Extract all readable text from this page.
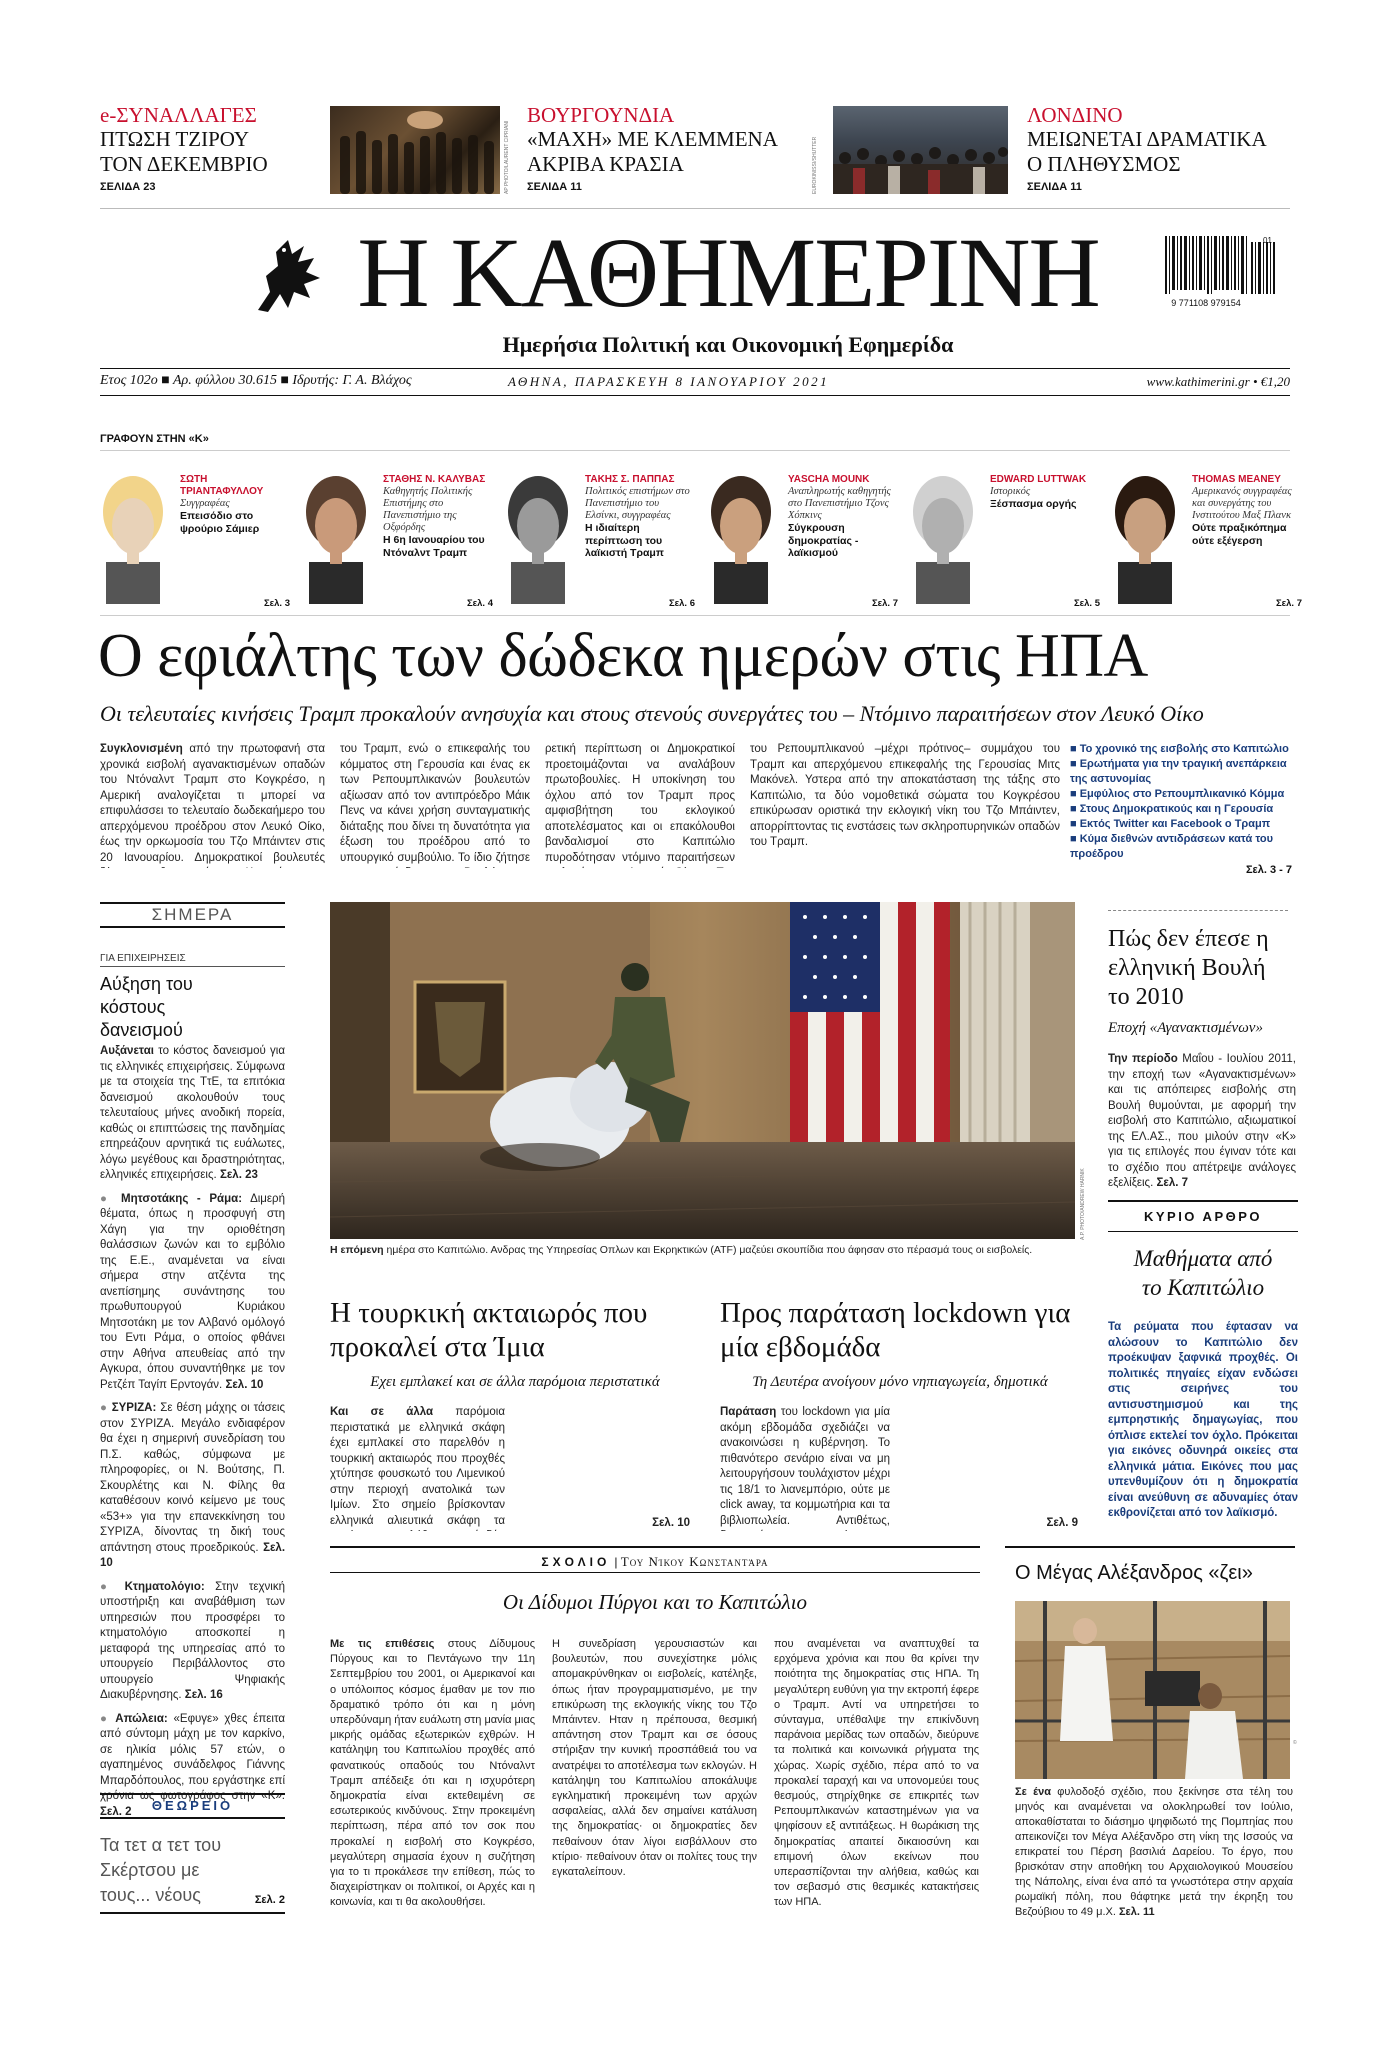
e-ΣΥΝΑΛΛΑΓΕΣ
ΠΤΩΣΗ ΤΖΙΡΟΥ
ΤΟΝ ΔΕΚΕΜΒΡΙΟ
ΣΕΛΙΔΑ 23	AP PHOTO/LAURENT CIPRIANI
ΒΟΥΡΓΟΥΝΔΙΑ
«ΜΑΧΗ» ΜΕ ΚΛΕΜΜΕΝΑ
ΑΚΡΙΒΑ ΚΡΑΣΙΑ
ΣΕΛΙΔΑ 11	EUROKINISSI/SHUTTER
ΛΟΝΔΙΝΟ
ΜΕΙΩΝΕΤΑΙ ΔΡΑΜΑΤΙΚΑ
Ο ΠΛΗΘΥΣΜΟΣ
ΣΕΛΙΔΑ 11
Η ΚΑΘΗΜΕΡΙΝΗ
Ημερήσια Πολιτική και Οικονομική Εφημερίδα
9 771108 979154
01
Ετος 102ο ■ Αρ. φύλλου 30.615 ■ Ιδρυτής: Γ. Α. Βλάχος	ΑΘΗΝΑ, ΠΑΡΑΣΚΕΥΗ 8 ΙΑΝΟΥΑΡΙΟΥ 2021	www.kathimerini.gr • €1,20
ΓΡΑΦΟΥΝ ΣΤΗΝ «Κ»
ΣΩΤΗ ΤΡΙΑΝΤΑΦΥΛΛΟΥ
Συγγραφέας
Επεισόδιο στο ψρούριο Σάμιερ
Σελ. 3
ΣΤΑΘΗΣ Ν. ΚΑΛΥΒΑΣ
Καθηγητής Πολιτικής Επιστήμης στο Πανεπιστήμιο της Οξφόρδης
Η 6η Ιανουαρίου του Ντόναλντ Τραμπ
Σελ. 4
ΤΑΚΗΣ Σ. ΠΑΠΠΑΣ
Πολιτικός επιστήμων στο Πανεπιστήμιο του Ελσίνκι, συγγραφέας
Η ιδιαίτερη περίπτωση του λαϊκιστή Τραμπ
Σελ. 6
YASCHA MOUNK
Αναπληρωτής καθηγητής στο Πανεπιστήμιο Τζονς Χόπκινς
Σύγκρουση δημοκρατίας - λαϊκισμού
Σελ. 7
EDWARD LUTTWAK
Ιστορικός
Ξέσπασμα οργής
Σελ. 5
THOMAS MEANEY
Αμερικανός συγγραφέας και συνεργάτης του Ινστιτούτου Μαξ Πλανκ
Ούτε πραξικόπημα ούτε εξέγερση
Σελ. 7
Ο εφιάλτης των δώδεκα ημερών στις ΗΠΑ
Οι τελευταίες κινήσεις Τραμπ προκαλούν ανησυχία και στους στενούς συνεργάτες του – Ντόμινο παραιτήσεων στον Λευκό Οίκο
Συγκλονισμένη από την πρωτοφανή στα χρονικά εισβολή αγανακτισμένων οπαδών του Ντόναλντ Τραμπ στο Κογκρέσο, η Αμερική αναλογίζεται τι μπορεί να επιφυλάσσει το τελευταίο δωδεκαήμερο του απερχόμενου προέδρου στον Λευκό Οίκο, έως την ορκωμοσία του Τζο Μπάιντεν στις 20 Ιανουαρίου. Δημοκρατικοί βουλευτές
του Τραμπ, ενώ ο επικεφαλής του κόμματος στη Γερουσία και ένας εκ των Ρεπουμπλικανών βουλευτών αξίωσαν από τον αντιπρόεδρο Μάικ Πενς να κάνει χρήση συνταγματικής διάταξης που δίνει τη δυνατότητα για έξωση του προέδρου από το υπουργικό συμβούλιο. Το ίδιο ζήτησε
ρετική περίπτωση οι Δημοκρατικοί προετοιμάζονται να αναλάβουν πρωτοβουλίες. Η υποκίνηση του όχλου από τον Τραμπ προς αμφισβήτηση του εκλογικού αποτελέσματος και οι επακόλουθοι βανδαλισμοί στο Καπιτώλιο πυροδότησαν ντόμινο παραιτήσεων
του Ρεπουμπλικανού –μέχρι πρότινος– συμμάχου του Τραμπ και απερχόμενου επικεφαλής της Γερουσίας Μιτς Μακόνελ. Υστερα από την αποκατάσταση της τάξης στο Καπιτώλιο, τα δύο νομοθετικά σώματα του Κογκρέσου επικύρωσαν οριστικά την εκλογική νίκη του Τζο Μπάιντεν, απορρίπτοντας τις ενστάσεις των σκληροπυρηνικών οπαδών του Τραμπ.
■ Το χρονικό της εισβολής στο Καπιτώλιο
■ Ερωτήματα για την τραγική ανεπάρκεια της αστυνομίας
■ Εμφύλιος στο Ρεπουμπλικανικό Κόμμα
■ Στους Δημοκρατικούς και η Γερουσία
■ Εκτός Twitter και Facebook ο Τραμπ
■ Κύμα διεθνών αντιδράσεων κατά του προέδρου
Σελ. 3 - 7
ΣΗΜΕΡΑ
ΓΙΑ ΕΠΙΧΕΙΡΗΣΕΙΣ
Αύξηση του κόστους δανεισμού
Αυξάνεται το κόστος δανεισμού για τις ελληνικές επιχειρήσεις. Σύμφωνα με τα στοιχεία της ΤτΕ, τα επιτόκια δανεισμού ακολουθούν τους τελευταίους μήνες ανοδική πορεία, καθώς οι επιπτώσεις της πανδημίας επηρεάζουν αρνητικά τις ευάλωτες, λόγω μεγέθους και δραστηριότητας, ελληνικές επιχειρήσεις. Σελ. 23
● Μητσοτάκης - Ράμα: Διμερή θέματα, όπως η προσφυγή στη Χάγη για την οριοθέτηση θαλάσσιων ζωνών και το εμβόλιο της Ε.Ε., αναμένεται να είναι σήμερα στην ατζέντα της ανεπίσημης συνάντησης του πρωθυπουργού Κυριάκου Μητσοτάκη με τον Αλβανό ομόλογό του Εντι Ράμα, ο οποίος φθάνει στην Αθήνα απευθείας από την Αγκυρα, όπου συναντήθηκε με τον Ρετζέπ Ταγίπ Ερντογάν. Σελ. 10
● ΣΥΡΙΖΑ: Σε θέση μάχης οι τάσεις στον ΣΥΡΙΖΑ. Μεγάλο ενδιαφέρον θα έχει η σημερινή συνεδρίαση του Π.Σ. καθώς, σύμφωνα με πληροφορίες, οι Ν. Βούτσης, Π. Σκουρλέτης και Ν. Φίλης θα καταθέσουν κοινό κείμενο με τους «53+» για την επανεκκίνηση του ΣΥΡΙΖΑ, δίνοντας τη δική τους απάντηση στους προεδρικούς. Σελ. 10
● Κτηματολόγιο: Στην τεχνική υποστήριξη και αναβάθμιση των υπηρεσιών που προσφέρει το κτηματολόγιο αποσκοπεί η μεταφορά της υπηρεσίας από το υπουργείο Περιβάλλοντος στο υπουργείο Ψηφιακής Διακυβέρνησης. Σελ. 16
● Απώλεια: «Εφυγε» χθες έπειτα από σύντομη μάχη με τον καρκίνο, σε ηλικία μόλις 57 ετών, ο αγαπημένος συνάδελφος Γιάννης Μπαρδόπουλος, που εργάστηκε επί χρόνια ως φωτογράφος στην «Κ». Σελ. 2	ΘΕΩΡΕΙΟ
Τα τετ α τετ του Σκέρτσου με τους... νέους	Σελ. 2
A.P. PHOTO/ANDREW HARNIK
Η επόμενη ημέρα στο Καπιτώλιο. Ανδρας της Υπηρεσίας Οπλων και Εκρηκτικών (ATF) μαζεύει σκουπίδια που άφησαν στο πέρασμά τους οι εισβολείς.
Η τουρκική ακταιωρός που προκαλεί στα Ίμια
Εχει εμπλακεί και σε άλλα παρόμοια περιστατικά
Και σε άλλα παρόμοια περιστατικά με ελληνικά σκάφη έχει εμπλακεί στο παρελθόν η τουρκική ακταιωρός που προχθές χτύπησε φουσκωτό του Λιμενικού στην περιοχή ανατολικά των Ιμίων. Στο σημείο βρίσκονταν ελληνικά αλιευτικά σκάφη τα	Σελ. 10
Προς παράταση lockdown για μία εβδομάδα
Τη Δευτέρα ανοίγουν μόνο νηπιαγωγεία, δημοτικά
Παράταση του lockdown για μία ακόμη εβδομάδα σχεδιάζει να ανακοινώσει η κυβέρνηση. Το πιθανότερο σενάριο είναι να μη λειτουργήσουν τουλάχιστον μέχρι τις 18/1 το λιανεμπόριο, ούτε με click away, τα κομμωτήρια και τα βιβλιοπωλεία. Αντιθέτως,	Σελ. 9
Πώς δεν έπεσε η ελληνική Βουλή το 2010
Εποχή «Αγανακτισμένων»
Την περίοδο Μαΐου - Ιουλίου 2011, την εποχή των «Αγανακτισμένων» και τις απόπειρες εισβολής στη Βουλή θυμούνται, με αφορμή την εισβολή στο Καπιτώλιο, αξιωματικοί της ΕΛ.ΑΣ., που μιλούν στην «Κ» για τις επιλογές που έγιναν τότε και το σχέδιο που απέτρεψε ανάλογες εξελίξεις. Σελ. 7
ΚΥΡΙΟ ΑΡΘΡΟ
Μαθήματα από το Καπιτώλιο
Τα ρεύματα που έφτασαν να αλώσουν το Καπιτώλιο δεν προέκυψαν ξαφνικά προχθές. Οι πολιτικές πηγαίες είχαν ενδώσει στις σειρήνες του αντισυστημισμού και της εμπρηστικής δημαγωγίας, που όπλισε εκτελεί τον όχλο. Πρόκειται για εικόνες οδυνηρά οικείες στα ελληνικά μάτια. Εικόνες που μας υπενθυμίζουν ότι η δημοκρατία είναι ανεύθυνη σε αδυναμίες όταν εκθρονίζεται από τον λαϊκισμό.
ΣΧΟΛΙΟ | Του Νίκου Κωνσταντάρα
Οι Δίδυμοι Πύργοι και το Καπιτώλιο
Με τις επιθέσεις στους Δίδυμους Πύργους και το Πεντάγωνο την 11η Σεπτεμβρίου του 2001, οι Αμερικανοί και ο υπόλοιπος κόσμος έμαθαν με τον πιο δραματικό τρόπο ότι και η μόνη υπερδύναμη ήταν ευάλωτη στη μανία μιας μικρής ομάδας εξωτερικών εχθρών. Η κατάληψη του Καπιτωλίου προχθές από φανατικούς οπαδούς του Ντόναλντ Τραμπ απέδειξε ότι και η ισχυρότερη δημοκρατία είναι εκτεθειμένη σε εσωτερικούς κινδύνους. Στην προκειμένη περίπτωση, πέρα από τον σοκ που προκαλεί η εισβολή στο Κογκρέσο, μεγαλύτερη σημασία έχουν η συζήτηση για το τι προκάλεσε την επίθεση, πώς το διαχειρίστηκαν οι πολιτικοί, οι Αρχές και η κοινωνία, και τι θα ακολουθήσει.
Η συνεδρίαση γερουσιαστών και βουλευτών, που συνεχίστηκε μόλις απομακρύνθηκαν οι εισβολείς, κατέληξε, όπως ήταν προγραμματισμένο, με την επικύρωση της εκλογικής νίκης του Τζο Μπάιντεν. Ηταν η πρέπουσα, θεσμική απάντηση στον Τραμπ και σε όσους στήριξαν την κυνική προσπάθειά του να ανατρέψει το αποτέλεσμα των εκλογών. Η κατάληψη του Καπιτωλίου αποκάλυψε εγκληματική προκειμένη των αρχών ασφαλείας, αλλά δεν σημαίνει κατάλυση της δημοκρατίας· οι δημοκρατίες δεν πεθαίνουν όταν λίγοι εισβάλλουν στο κτίριο· πεθαίνουν όταν οι πολίτες τους την εγκαταλείπουν.
που αναμένεται να αναπτυχθεί τα ερχόμενα χρόνια και που θα κρίνει την ποιότητα της δημοκρατίας στις ΗΠΑ. Τη μεγαλύτερη ευθύνη για την εκτροπή έφερε ο Τραμπ. Αντί να υπηρετήσει το σύνταγμα, υπέθαλψε την επικίνδυνη παράνοια μερίδας των οπαδών, διεύρυνε τα πολιτικά και κοινωνικά ρήγματα της χώρας. Χωρίς σχέδιο, πέρα από το να προκαλεί ταραχή και να υπονομεύει τους θεσμούς, στηρίχθηκε σε επικριτές των Ρεπουμπλικανών καταστημένων για να ψηφίσουν εξ αντιτάξεως. Η θωράκιση της δημοκρατίας απαιτεί δικαιοσύνη και επιμονή όλων εκείνων που υπερασπίζονται την αλήθεια, καθώς και τον σεβασμό στις θεσμικές κατακτήσεις των ΗΠΑ.
Ο Μέγας Αλέξανδρος «ζει»
©
Σε ένα φυλοδοξό σχέδιο, που ξεκίνησε στα τέλη του μηνός και αναμένεται να ολοκληρωθεί τον Ιούλιο, αποκαθίσταται το διάσημο ψηφιδωτό της Πομπηίας που απεικονίζει τον Μέγα Αλέξανδρο στη νίκη της Ισσούς να επικρατεί του Πέρση βασιλιά Δαρείου. Το έργο, που βρισκόταν στην αποθήκη του Αρχαιολογικού Μουσείου της Νάπολης, είναι ένα από τα γνωστότερα στην αρχαία ρωμαϊκή πόλη, που θάφτηκε μετά την έκρηξη του Βεζούβιου το 49 μ.Χ. Σελ. 11
